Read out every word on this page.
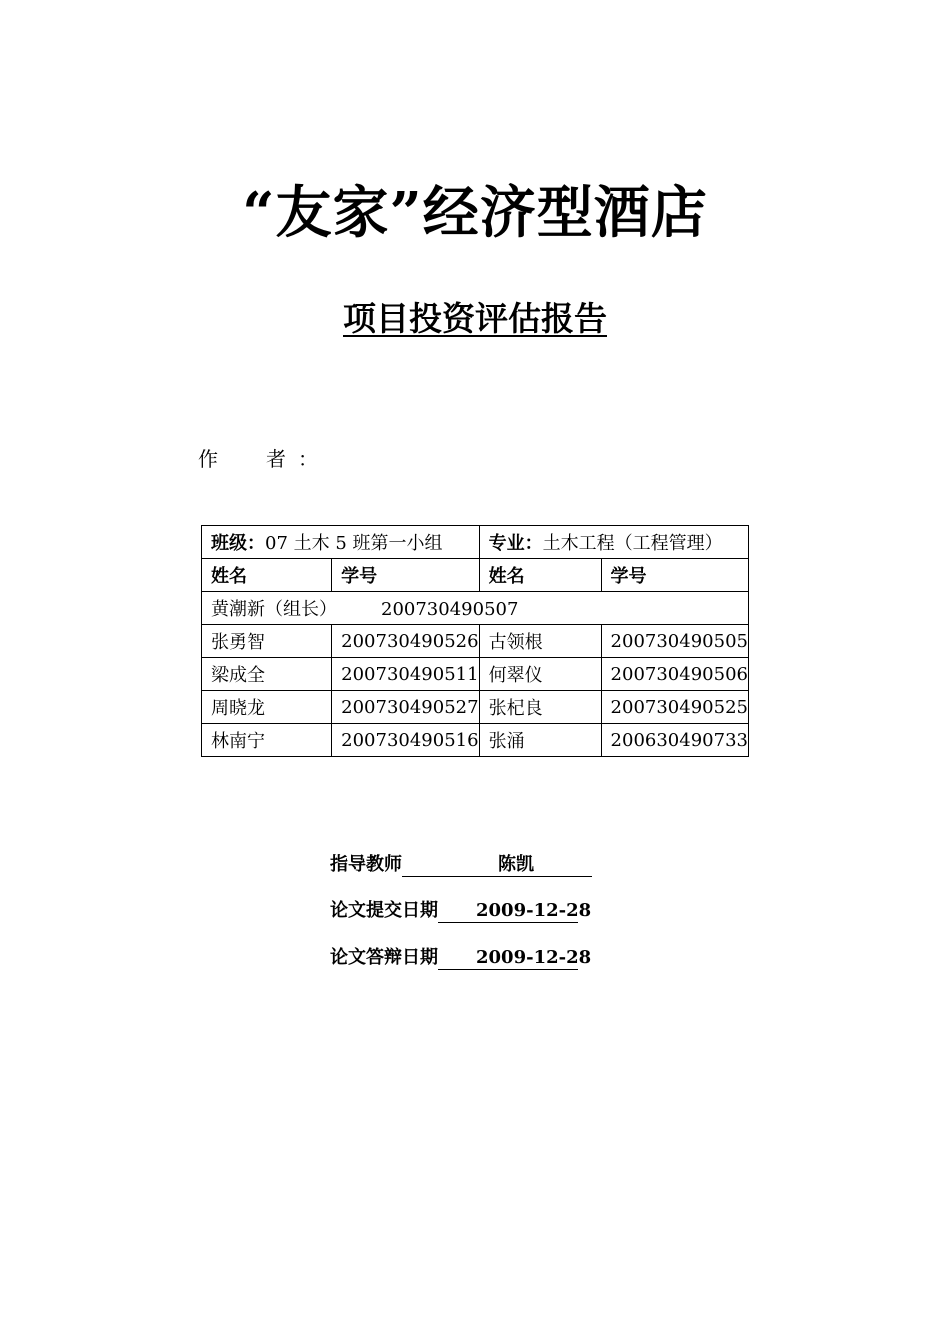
“友家”经济型酒店
项目投资评估报告
作 者 ：
班级：07 土木 5 班第一小组		专业：土木工程（工程管理）	
姓名	学号	姓名	学号
黄潮新（组长） 200730490507			
张勇智	200730490526	古领根	200730490505
梁成全	200730490511	何翠仪	200730490506
周晓龙	200730490527	张杞良	200730490525
林南宁	200730490516	张涌	200630490733
指导教师	陈凯
论文提交日期 2009-12-28
论文答辩日期 2009-12-28
